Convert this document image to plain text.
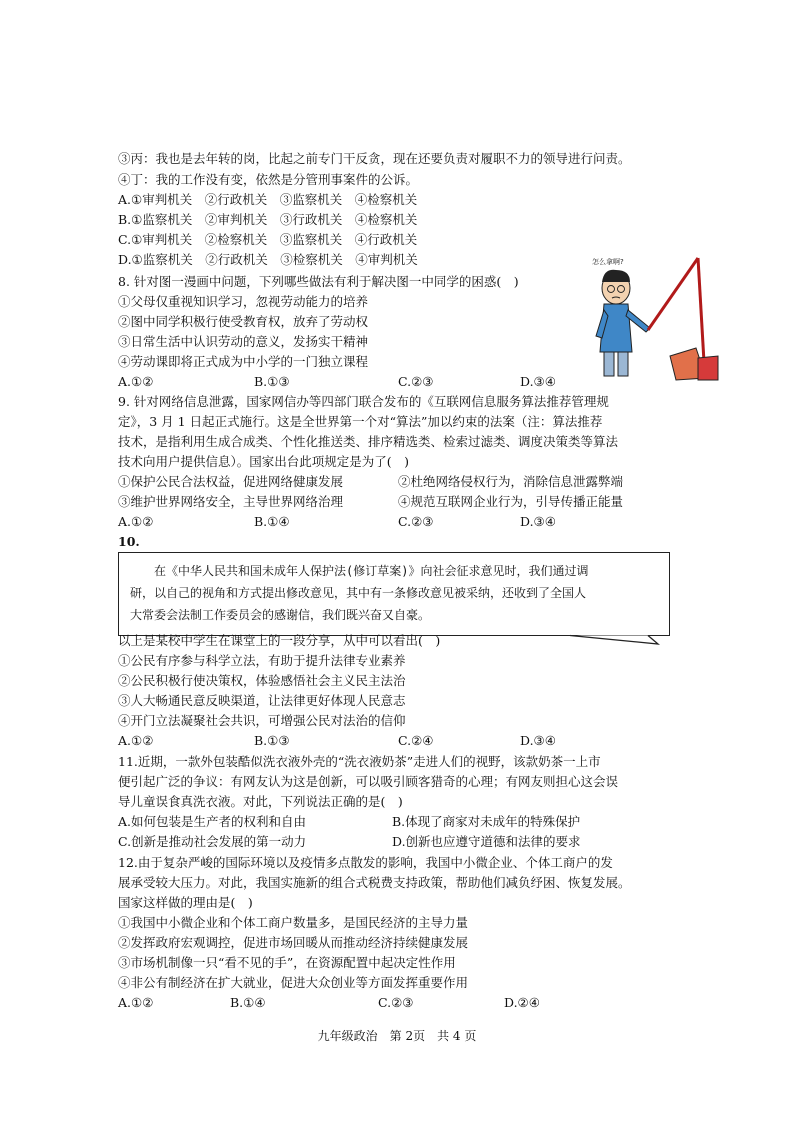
③丙：我也是去年转的岗，比起之前专门干反贪，现在还要负责对履职不力的领导进行问责。
④丁：我的工作没有变，依然是分管刑事案件的公诉。
A.①审判机关　②行政机关　③监察机关　④检察机关
B.①监察机关　②审判机关　③行政机关　④检察机关
C.①审判机关　②检察机关　③监察机关　④行政机关
D.①监察机关　②行政机关　③检察机关　④审判机关
8. 针对图一漫画中问题，下列哪些做法有利于解决图一中同学的困惑(　)
①父母仅重视知识学习，忽视劳动能力的培养
②图中同学积极行使受教育权，放弃了劳动权
③日常生活中认识劳动的意义，发扬实干精神
④劳动课即将正式成为中小学的一门独立课程
A.①②	B.①③	C.②③	D.③④
怎么拿啊?
9. 针对网络信息泄露，国家网信办等四部门联合发布的《互联网信息服务算法推荐管理规
定》，3 月 1 日起正式施行。这是全世界第一个对“算法”加以约束的法案（注：算法推荐
技术，是指利用生成合成类、个性化推送类、排序精选类、检索过滤类、调度决策类等算法
技术向用户提供信息）。国家出台此项规定是为了(　)
①保护公民合法权益，促进网络健康发展	②杜绝网络侵权行为，消除信息泄露弊端
③维护世界网络安全，主导世界网络治理	④规范互联网企业行为，引导传播正能量
A.①②	B.①④	C.②③	D.③④
10.
　　在《中华人民共和国未成年人保护法(修订草案)》向社会征求意见时，我们通过调
研，以自己的视角和方式提出修改意见，其中有一条修改意见被采纳，还收到了全国人
大常委会法制工作委员会的感谢信，我们既兴奋又自豪。
以上是某校中学生在课堂上的一段分享，从中可以看出(　)
①公民有序参与科学立法，有助于提升法律专业素养
②公民积极行使决策权，体验感悟社会主义民主法治
③人大畅通民意反映渠道，让法律更好体现人民意志
④开门立法凝聚社会共识，可增强公民对法治的信仰
A.①②	B.①③	C.②④	D.③④
11.近期，一款外包装酷似洗衣液外壳的“洗衣液奶茶”走进人们的视野，该款奶茶一上市
便引起广泛的争议：有网友认为这是创新，可以吸引顾客猎奇的心理；有网友则担心这会误
导儿童误食真洗衣液。对此，下列说法正确的是(　)
A.如何包装是生产者的权利和自由	B.体现了商家对未成年的特殊保护
C.创新是推动社会发展的第一动力	D.创新也应遵守道德和法律的要求
12.由于复杂严峻的国际环境以及疫情多点散发的影响，我国中小微企业、个体工商户的发
展承受较大压力。对此，我国实施新的组合式税费支持政策，帮助他们减负纾困、恢复发展。
国家这样做的理由是(　)
①我国中小微企业和个体工商户数量多，是国民经济的主导力量
②发挥政府宏观调控，促进市场回暖从而推动经济持续健康发展
③市场机制像一只“看不见的手”，在资源配置中起决定性作用
④非公有制经济在扩大就业，促进大众创业等方面发挥重要作用
A.①②	B.①④	C.②③	D.②④
九年级政治　第 2页　共 4 页
